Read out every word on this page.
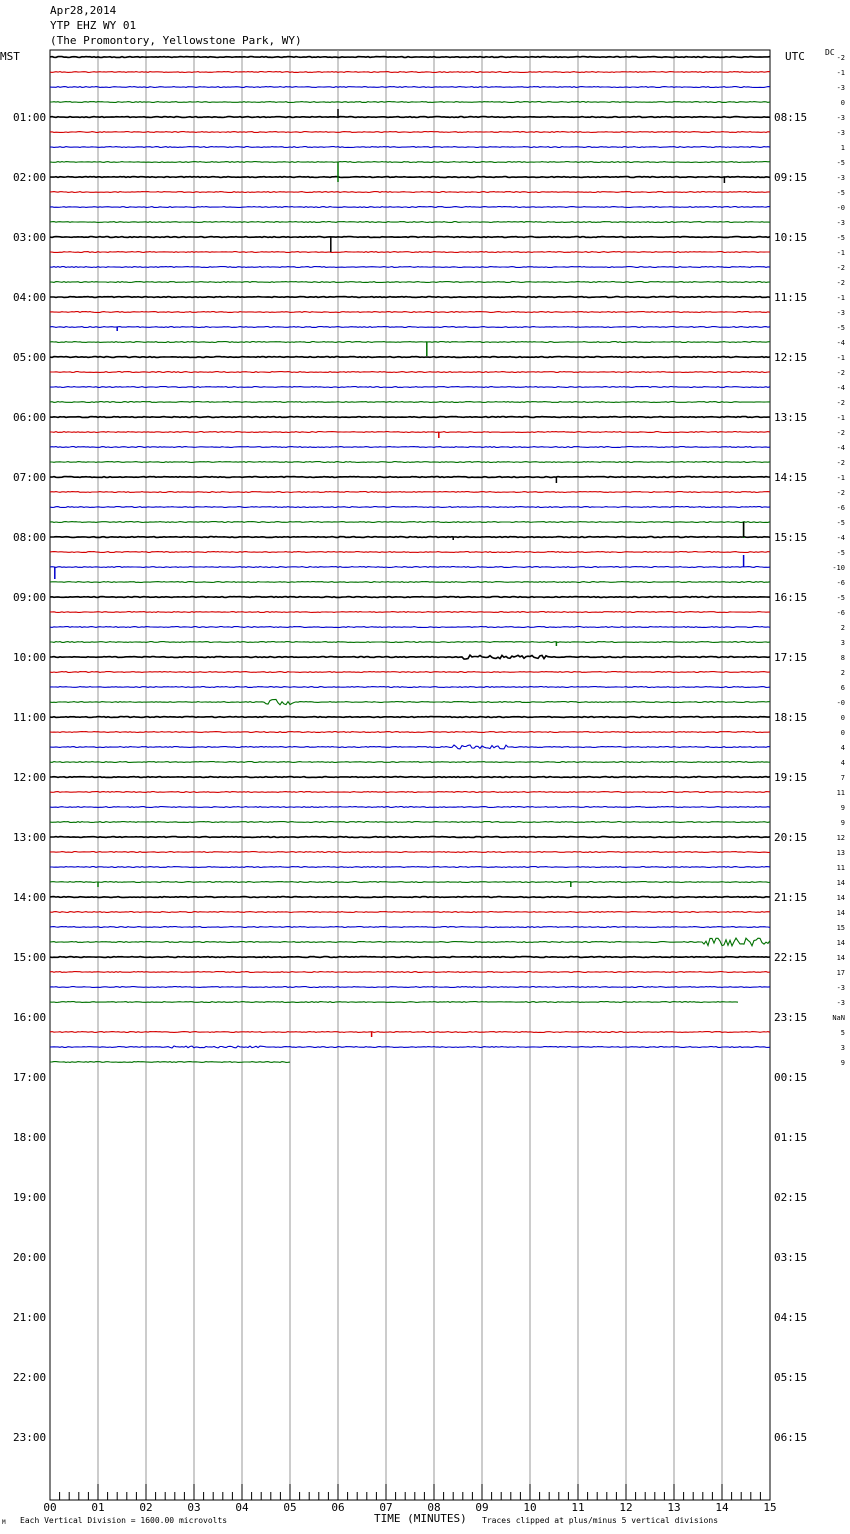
Apr28,2014
YTP EHZ WY 01
(The Promontory, Yellowstone Park, WY)
MST	UTC	DC
01:00
02:00
03:00
04:00
05:00
06:00
07:00
08:00
09:00
10:00
11:00
12:00
13:00
14:00
15:00
16:00
17:00
18:00
19:00
20:00
21:00
22:00
23:00
08:15
09:15
10:15
11:15
12:15
13:15
14:15
15:15
16:15
17:15
18:15
19:15
20:15
21:15
22:15
23:15
00:15
01:15
02:15
03:15
04:15
05:15
06:15
-2
-1
-3
0
-3
-3
1
-5
-3
-5
-0
-3
-5
-1
-2
-2
-1
-3
-5
-4
-1
-2
-4
-2
-1
-2
-4
-2
-1
-2
-6
-5
-4
-5
-10
-6
-5
-6
2
3
8
2
6
-0
0
0
4
4
7
11
9
9
12
13
11
14
14
14
15
14
14
17
-3
-3
NaN
5
3
9
00	01	02	03	04	05	06	07	08	09	10	11	12	13	14	15
TIME (MINUTES)
M Each Vertical Division = 1600.00 microvolts	Traces clipped at plus/minus 5 vertical divisions
